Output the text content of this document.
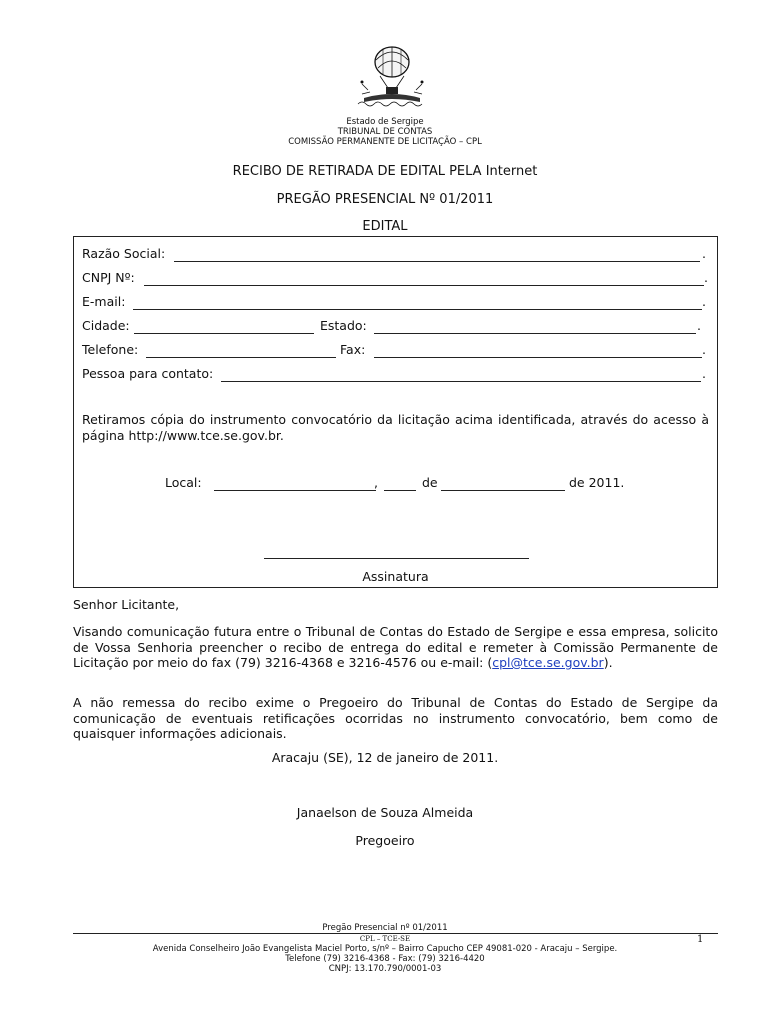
Estado de Sergipe
TRIBUNAL DE CONTAS
COMISSÃO PERMANENTE DE LICITAÇÃO – CPL
RECIBO DE RETIRADA DE EDITAL PELA Internet
PREGÃO PRESENCIAL Nº 01/2011
EDITAL
Razão Social:	.
CNPJ Nº:	.
E-mail:	.
Cidade:	Estado:	.
Telefone:	Fax:	.
Pessoa para contato:	.
Retiramos cópia do instrumento convocatório da licitação acima identificada, através do acesso à página http://www.tce.se.gov.br.
Local:	,	de	de 2011.
Assinatura
Senhor Licitante,
Visando comunicação futura entre o Tribunal de Contas do Estado de Sergipe e essa empresa, solicito de Vossa Senhoria preencher o recibo de entrega do edital e remeter à Comissão Permanente de Licitação por meio do fax (79) 3216-4368 e 3216-4576 ou e-mail: (cpl@tce.se.gov.br).
A não remessa do recibo exime o Pregoeiro do Tribunal de Contas do Estado de Sergipe da comunicação de eventuais retificações ocorridas no instrumento convocatório, bem como de quaisquer informações adicionais.
Aracaju (SE), 12 de janeiro de 2011.
Janaelson de Souza Almeida
Pregoeiro
Pregão Presencial nº 01/2011
CPL – TCE-SE	1
Avenida Conselheiro João Evangelista Maciel Porto, s/nº – Bairro Capucho CEP 49081-020 - Aracaju – Sergipe.
Telefone (79) 3216-4368 - Fax: (79) 3216-4420
CNPJ: 13.170.790/0001-03
